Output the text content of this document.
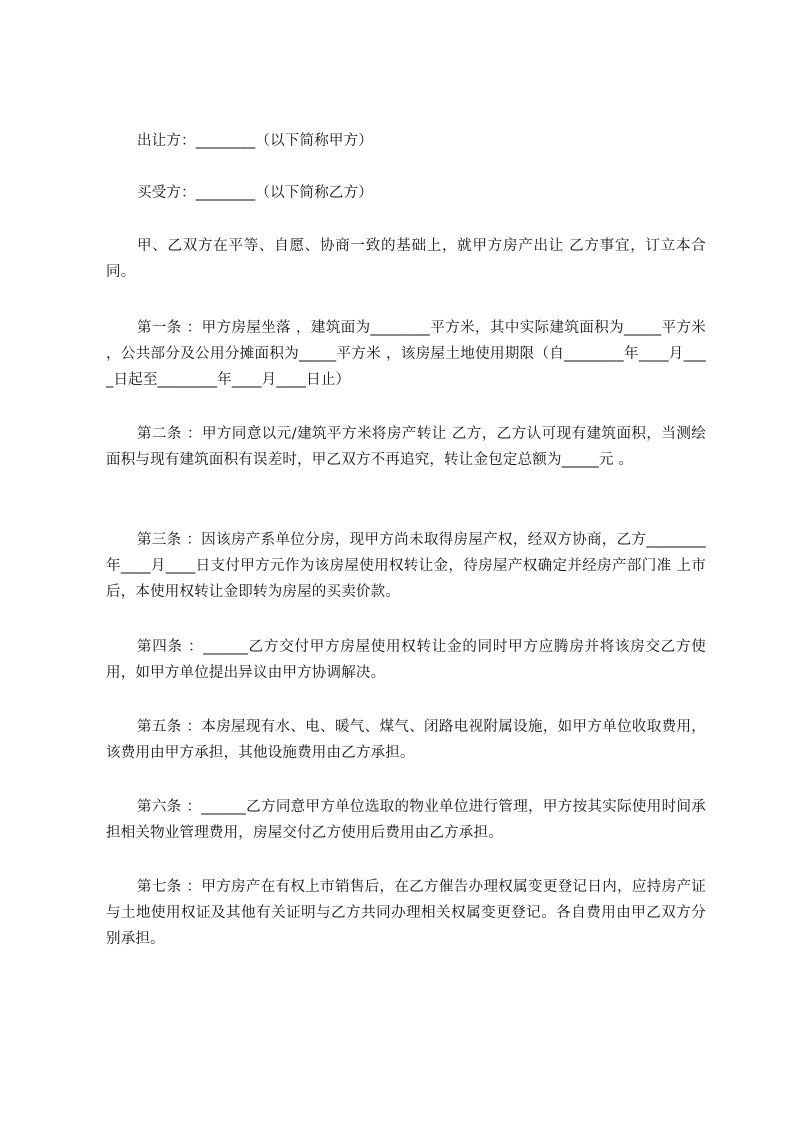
出让方：________（以下简称甲方）

买受方：________（以下简称乙方）

甲、乙双方在平等、自愿、协商一致的基础上，就甲方房产出让 乙方事宜，订立本合同。

第一条 ：甲方房屋坐落 ，建筑面为________平方米，其中实际建筑面积为_____平方米 ，公共部分及公用分摊面积为_____平方米 ，该房屋土地使用期限（自________年____月____日起至________年____月____日止）

第二条 ：甲方同意以元/建筑平方米将房产转让 乙方，乙方认可现有建筑面积，当测绘面积与现有建筑面积有误差时，甲乙双方不再追究，转让金包定总额为_____元 。

第三条 ：因该房产系单位分房，现甲方尚未取得房屋产权，经双方协商，乙方________年____月____日支付甲方元作为该房屋使用权转让金，待房屋产权确定并经房产部门准 上市后，本使用权转让金即转为房屋的买卖价款。

第四条 ：______乙方交付甲方房屋使用权转让金的同时甲方应腾房并将该房交乙方使用，如甲方单位提出异议由甲方协调解决。

第五条 ：本房屋现有水、电、暖气、煤气、闭路电视附属设施，如甲方单位收取费用，该费用由甲方承担，其他设施费用由乙方承担。

第六条 ：______乙方同意甲方单位选取的物业单位进行管理，甲方按其实际使用时间承担相关物业管理费用，房屋交付乙方使用后费用由乙方承担。

第七条 ：甲方房产在有权上市销售后，在乙方催告办理权属变更登记日内，应持房产证与土地使用权证及其他有关证明与乙方共同办理相关权属变更登记。各自费用由甲乙双方分别承担。
